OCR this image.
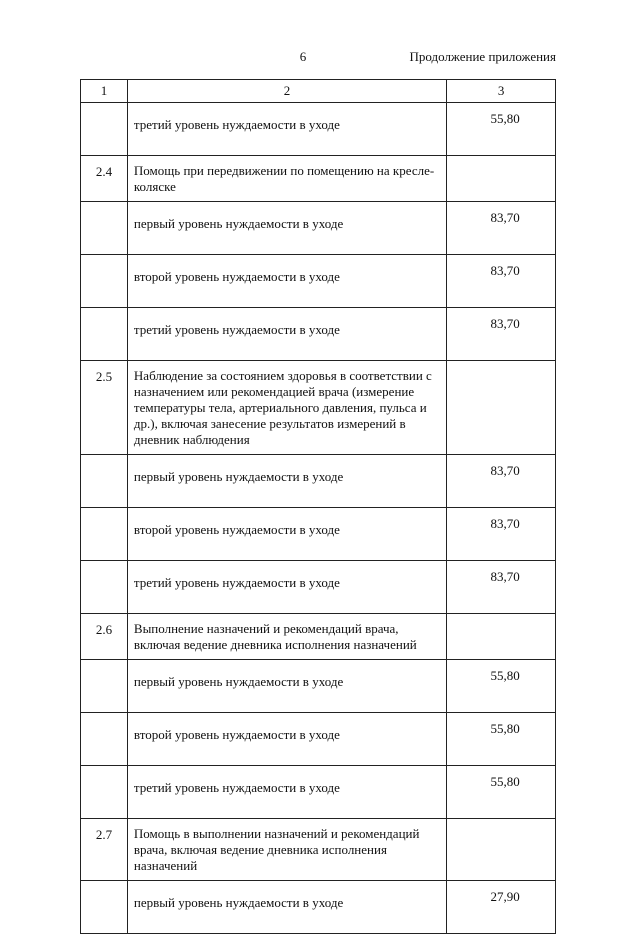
6	Продолжение приложения
1	2	3
	третий уровень нуждаемости в уходе	55,80
2.4	Помощь при передвижении по помещению на кресле-коляске	
	первый уровень нуждаемости в уходе	83,70
	второй уровень нуждаемости в уходе	83,70
	третий уровень нуждаемости в уходе	83,70
2.5	Наблюдение за состоянием здоровья в соответствии с назначением или рекомендацией врача (измерение температуры тела, артериального давления, пульса и др.), включая занесение результатов измерений в дневник наблюдения	
	первый уровень нуждаемости в уходе	83,70
	второй уровень нуждаемости в уходе	83,70
	третий уровень нуждаемости в уходе	83,70
2.6	Выполнение назначений и рекомендаций врача, включая ведение дневника исполнения назначений	
	первый уровень нуждаемости в уходе	55,80
	второй уровень нуждаемости в уходе	55,80
	третий уровень нуждаемости в уходе	55,80
2.7	Помощь в выполнении назначений и рекомендаций врача, включая ведение дневника исполнения назначений	
	первый уровень нуждаемости в уходе	27,90
